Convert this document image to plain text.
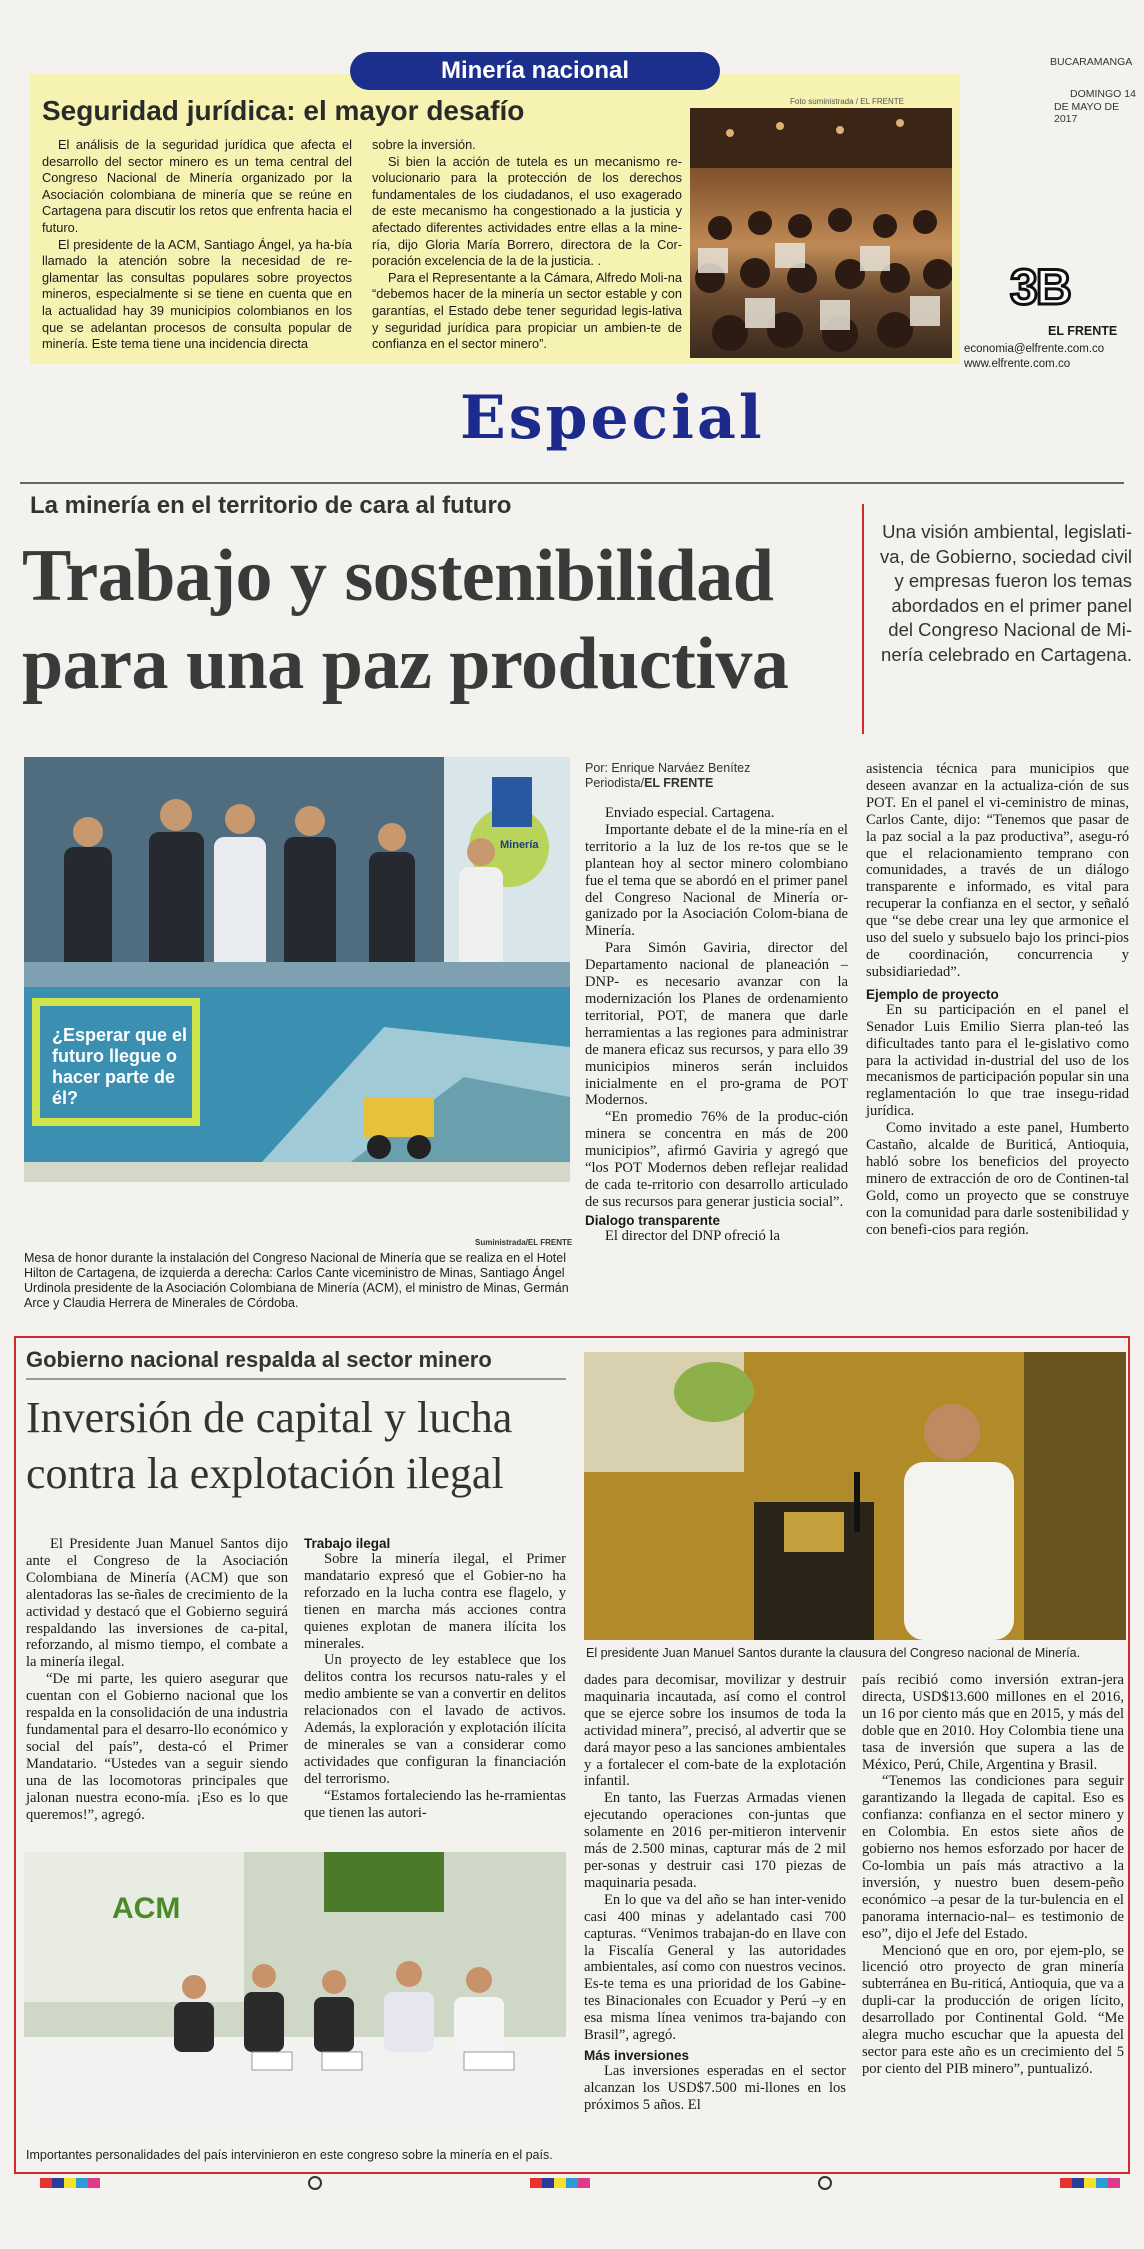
Minería nacional
Seguridad jurídica: el mayor desafío

El análisis de la seguridad jurídica que afecta el desarrollo del sector minero es un tema central del Congreso Nacional de Minería organizado por la Asociación colombiana de minería que se reúne en Cartagena para discutir los retos que enfrenta hacia el futuro.

El presidente de la ACM, Santiago Ángel, ya ha-bía llamado la atención sobre la necesidad de re-glamentar las consultas populares sobre proyectos mineros, especialmente si se tiene en cuenta que en la actualidad hay 39 municipios colombianos en los que se adelantan procesos de consulta popular de minería. Este tema tiene una incidencia directa

sobre la inversión.

Si bien la acción de tutela es un mecanismo re-volucionario para la protección de los derechos fundamentales de los ciudadanos, el uso exagerado de este mecanismo ha congestionado a la justicia y afectado diferentes actividades entre ellas a la mine-ría, dijo Gloria María Borrero, directora de la Cor-poración excelencia de la de la justicia. .

Para el Representante a la Cámara, Alfredo Moli-na “debemos hacer de la minería un sector estable y con garantías, el Estado debe tener seguridad legis-lativa y seguridad jurídica para propiciar un ambien-te de confianza en el sector minero”.

Foto suministrada / EL FRENTE
BUCARAMANGA
DOMINGO 14
DE MAYO DE 2017
3B
EL FRENTE
economia@elfrente.com.co
www.elfrente.com.co
Especial
La minería en el territorio de cara al futuro
Trabajo y sostenibilidad
para una paz productiva
Una visión ambiental, legislati-va, de Gobierno, sociedad civil y empresas fueron los temas abordados en el primer panel del Congreso Nacional de Mi-nería celebrado en Cartagena.
Minería
¿Esperar que el futuro llegue o hacer parte de él?
Suministrada/EL FRENTE

Mesa de honor durante la instalación del Congreso Nacional de Minería que se realiza en el Hotel Hilton de Cartagena, de izquierda a derecha: Carlos Cante viceministro de Minas, Santiago Ángel Urdinola presidente de la Asociación Colombiana de Minería (ACM), el ministro de Minas, Germán Arce y Claudia Herrera de Minerales de Córdoba.

Por: Enrique Narváez Benítez
Periodista/EL FRENTE

Enviado especial. Cartagena.

Importante debate el de la mine-ría en el territorio a la luz de los re-tos que se le plantean hoy al sector minero colombiano fue el tema que se abordó en el primer panel del Congreso Nacional de Minería or-ganizado por la Asociación Colom-biana de Minería.

Para Simón Gaviria, director del Departamento nacional de planeación –DNP- es necesario avanzar con la modernización los Planes de ordenamiento territorial, POT, de manera que darle herramientas a las regiones para administrar de manera eficaz sus recursos, y para ello 39 municipios mineros serán incluidos inicialmente en el pro-grama de POT Modernos.

“En promedio 76% de la produc-ción minera se concentra en más de 200 municipios”, afirmó Gaviria y agregó que “los POT Modernos deben reflejar realidad de cada te-rritorio con desarrollo articulado de sus recursos para generar justicia social”.

Dialogo transparente

El director del DNP ofreció la

asistencia técnica para municipios que deseen avanzar en la actualiza-ción de sus POT. En el panel el vi-ceministro de minas, Carlos Cante, dijo: “Tenemos que pasar de la paz social a la paz productiva”, asegu-ró que el relacionamiento temprano con comunidades, a través de un diálogo transparente e informado, es vital para recuperar la confianza en el sector, y señaló que “se debe crear una ley que armonice el uso del suelo y subsuelo bajo los princi-pios de coordinación, concurrencia y subsidiariedad”.

Ejemplo de proyecto

En su participación en el panel el Senador Luis Emilio Sierra plan-teó las dificultades tanto para el le-gislativo como para la actividad in-dustrial del uso de los mecanismos de participación popular sin una reglamentación lo que trae insegu-ridad jurídica.

Como invitado a este panel, Humberto Castaño, alcalde de Buriticá, Antioquia, habló sobre los beneficios del proyecto minero de extracción de oro de Continen-tal Gold, como un proyecto que se construye con la comunidad para darle sostenibilidad y con benefi-cios para región.

Gobierno nacional respalda al sector minero
Inversión de capital y lucha
contra la explotación ilegal

El presidente Juan Manuel Santos durante la clausura del Congreso nacional de Minería.

El Presidente Juan Manuel Santos dijo ante el Congreso de la Asociación Colombiana de Minería (ACM) que son alentadoras las se-ñales de crecimiento de la actividad y destacó que el Gobierno seguirá respaldando las inversiones de ca-pital, reforzando, al mismo tiempo, el combate a la minería ilegal.

“De mi parte, les quiero asegurar que cuentan con el Gobierno nacional que los respalda en la consolidación de una industria fundamental para el desarro-llo económico y social del país”, desta-có el Primer Mandatario. “Ustedes van a seguir siendo una de las locomotoras principales que jalonan nuestra econo-mía. ¡Eso es lo que queremos!”, agregó.

Trabajo ilegal

Sobre la minería ilegal, el Primer mandatario expresó que el Gobier-no ha reforzado en la lucha contra ese flagelo, y tienen en marcha más acciones contra quienes explotan de manera ilícita los minerales.

Un proyecto de ley establece que los delitos contra los recursos natu-rales y el medio ambiente se van a convertir en delitos relacionados con el lavado de activos. Además, la exploración y explotación ilícita de minerales se van a considerar como actividades que configuran la financiación del terrorismo.

“Estamos fortaleciendo las he-rramientas que tienen las autori-

dades para decomisar, movilizar y destruir maquinaria incautada, así como el control que se ejerce sobre los insumos de toda la actividad minera”, precisó, al advertir que se dará mayor peso a las sanciones ambientales y a fortalecer el com-bate de la explotación infantil.

En tanto, las Fuerzas Armadas vienen ejecutando operaciones con-juntas que solamente en 2016 per-mitieron intervenir más de 2.500 minas, capturar más de 2 mil per-sonas y destruir casi 170 piezas de maquinaria pesada.

En lo que va del año se han inter-venido casi 400 minas y adelantado casi 700 capturas. “Venimos trabajan-do en llave con la Fiscalía General y las autoridades ambientales, así como con nuestros vecinos. Es-te tema es una prioridad de los Gabine-tes Binacionales con Ecuador y Perú –y en esa misma línea venimos tra-bajando con Brasil”, agregó.

Más inversiones

Las inversiones esperadas en el sector alcanzan los USD$7.500 mi-llones en los próximos 5 años. El

país recibió como inversión extran-jera directa, USD$13.600 millones en el 2016, un 16 por ciento más que en 2015, y más del doble que en 2010. Hoy Colombia tiene una tasa de inversión que supera a las de México, Perú, Chile, Argentina y Brasil.

“Tenemos las condiciones para seguir garantizando la llegada de capital. Eso es confianza: confianza en el sector minero y en Colombia. En estos siete años de gobierno nos hemos esforzado por hacer de Co-lombia un país más atractivo a la inversión, y nuestro buen desem-peño económico –a pesar de la tur-bulencia en el panorama internacio-nal– es testimonio de eso”, dijo el Jefe del Estado.

Mencionó que en oro, por ejem-plo, se licenció otro proyecto de gran minería subterránea en Bu-riticá, Antioquia, que va a dupli-car la producción de origen lícito, desarrollado por Continental Gold. “Me alegra mucho escuchar que la apuesta del sector para este año es un crecimiento del 5 por ciento del PIB minero”, puntualizó.

ACM

Importantes personalidades del país intervinieron en este congreso sobre la minería en el país.
